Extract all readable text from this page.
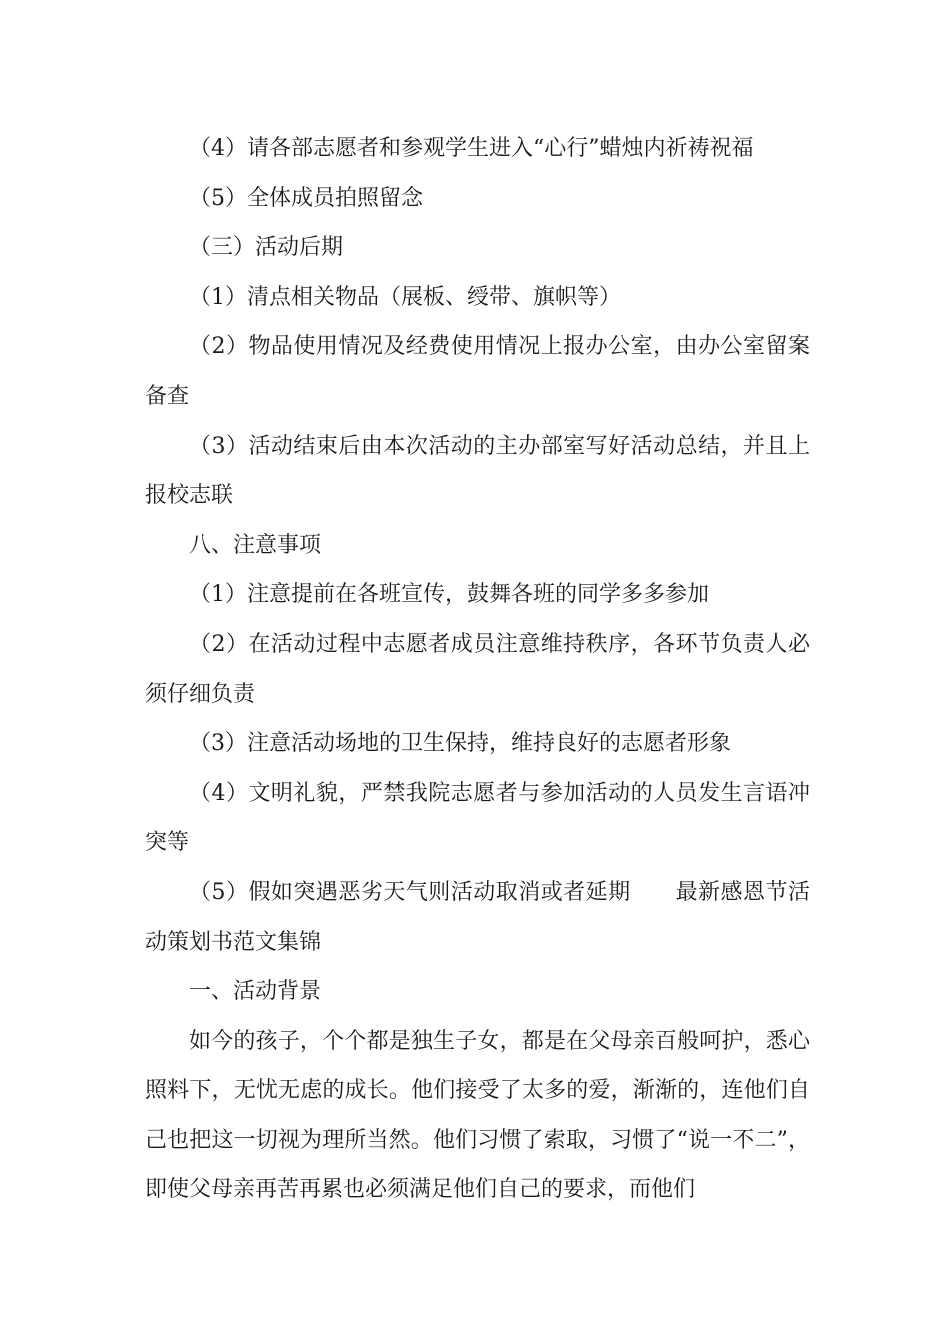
（4）请各部志愿者和参观学生进入“心行”蜡烛内祈祷祝福

（5）全体成员拍照留念

（三）活动后期

（1）清点相关物品（展板、绶带、旗帜等）

（2）物品使用情况及经费使用情况上报办公室，由办公室留案备查

（3）活动结束后由本次活动的主办部室写好活动总结，并且上报校志联

八、注意事项

（1）注意提前在各班宣传，鼓舞各班的同学多多参加

（2）在活动过程中志愿者成员注意维持秩序，各环节负责人必须仔细负责

（3）注意活动场地的卫生保持，维持良好的志愿者形象

（4）文明礼貌，严禁我院志愿者与参加活动的人员发生言语冲突等

（5）假如突遇恶劣天气则活动取消或者延期　　最新感恩节活动策划书范文集锦

一、活动背景

如今的孩子，个个都是独生子女，都是在父母亲百般呵护，悉心照料下，无忧无虑的成长。他们接受了太多的爱，渐渐的，连他们自己也把这一切视为理所当然。他们习惯了索取，习惯了“说一不二”，即使父母亲再苦再累也必须满足他们自己的要求，而他们
